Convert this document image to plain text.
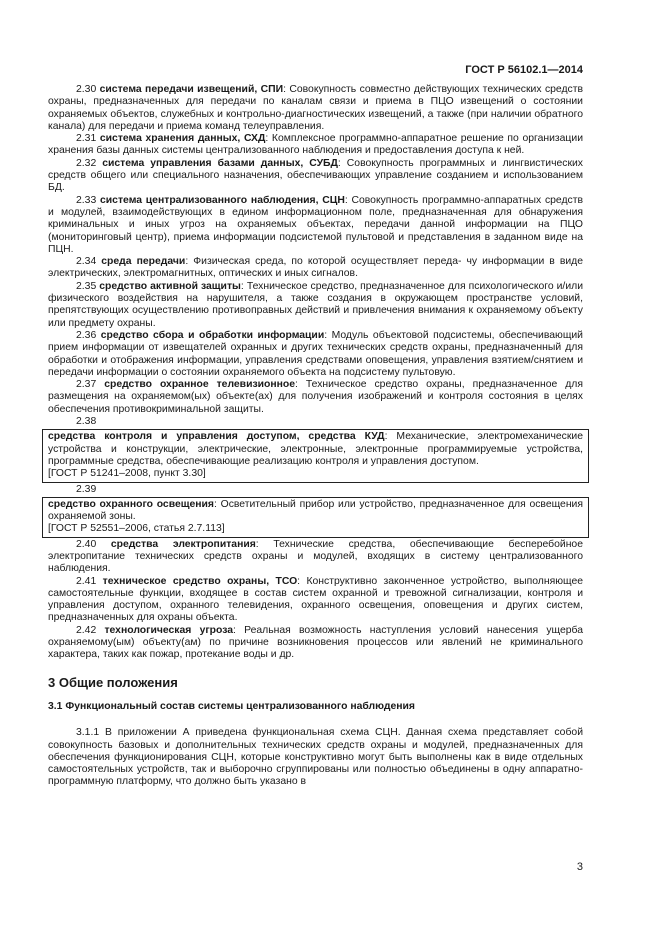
ГОСТ Р 56102.1—2014

2.30 система передачи извещений, СПИ: Совокупность совместно действующих технических средств охраны, предназначенных для передачи по каналам связи и приема в ПЦО извещений о состоянии охраняемых объектов, служебных и контрольно-диагностических извещений, а также (при наличии обратного канала) для передачи и приема команд телеуправления.

2.31 система хранения данных, СХД: Комплексное программно-аппаратное решение по организации хранения базы данных системы централизованного наблюдения и предоставления доступа к ней.

2.32 система управления базами данных, СУБД: Совокупность программных и лингвистических средств общего или специального назначения, обеспечивающих управление созданием и использованием БД.

2.33 система централизованного наблюдения, СЦН: Совокупность программно-аппаратных средств и модулей, взаимодействующих в едином информационном поле, предназначенная для обнаружения криминальных и иных угроз на охраняемых объектах, передачи данной информации на ПЦО (мониторинговый центр), приема информации подсистемой пультовой и представления в заданном виде на ПЦН.

2.34 среда передачи: Физическая среда, по которой осуществляет переда- чу информации в виде электрических, электромагнитных, оптических и иных сигналов.

2.35 средство активной защиты: Техническое средство, предназначенное для психологического и/или физического воздействия на нарушителя, а также создания в окружающем пространстве условий, препятствующих осуществлению противоправных действий и привлечения внимания к охраняемому объекту или предмету охраны.

2.36 средство сбора и обработки информации: Модуль объектовой подсистемы, обеспечивающий прием информации от извещателей охранных и других технических средств охраны, предназначенный для обработки и отображения информации, управления средствами оповещения, управления взятием/снятием и передачи информации о состоянии охраняемого объекта на подсистему пультовую.

2.37 средство охранное телевизионное: Техническое средство охраны, предназначенное для размещения на охраняемом(ых) объекте(ах) для получения изображений и контроля состояния в целях обеспечения противокриминальной защиты.

2.38

средства контроля и управления доступом, средства КУД: Механические, электромеханические устройства и конструкции, электрические, электронные, электронные программируемые устройства, программные средства, обеспечивающие реализацию контроля и управления доступом.

[ГОСТ Р 51241–2008, пункт 3.30]

2.39

средство охранного освещения: Осветительный прибор или устройство, предназначенное для освещения охраняемой зоны.

[ГОСТ Р 52551–2006, статья 2.7.113]

2.40 средства электропитания: Технические средства, обеспечивающие бесперебойное электропитание технических средств охраны и модулей, входящих в систему централизованного наблюдения.

2.41 техническое средство охраны, ТСО: Конструктивно законченное устройство, выполняющее самостоятельные функции, входящее в состав систем охранной и тревожной сигнализации, контроля и управления доступом, охранного телевидения, охранного освещения, оповещения и других систем, предназначенных для охраны объекта.

2.42 технологическая угроза: Реальная возможность наступления условий нанесения ущерба охраняемому(ым) объекту(ам) по причине возникновения процессов или явлений не криминального характера, таких как пожар, протекание воды и др.

3 Общие положения
3.1 Функциональный состав системы централизованного наблюдения

3.1.1 В приложении А приведена функциональная схема СЦН. Данная схема представляет собой совокупность базовых и дополнительных технических средств охраны и модулей, предназначенных для обеспечения функционирования СЦН, которые конструктивно могут быть выполнены как в виде отдельных самостоятельных устройств, так и выборочно сгруппированы или полностью объединены в одну аппаратно-программную платформу, что должно быть указано в

3
